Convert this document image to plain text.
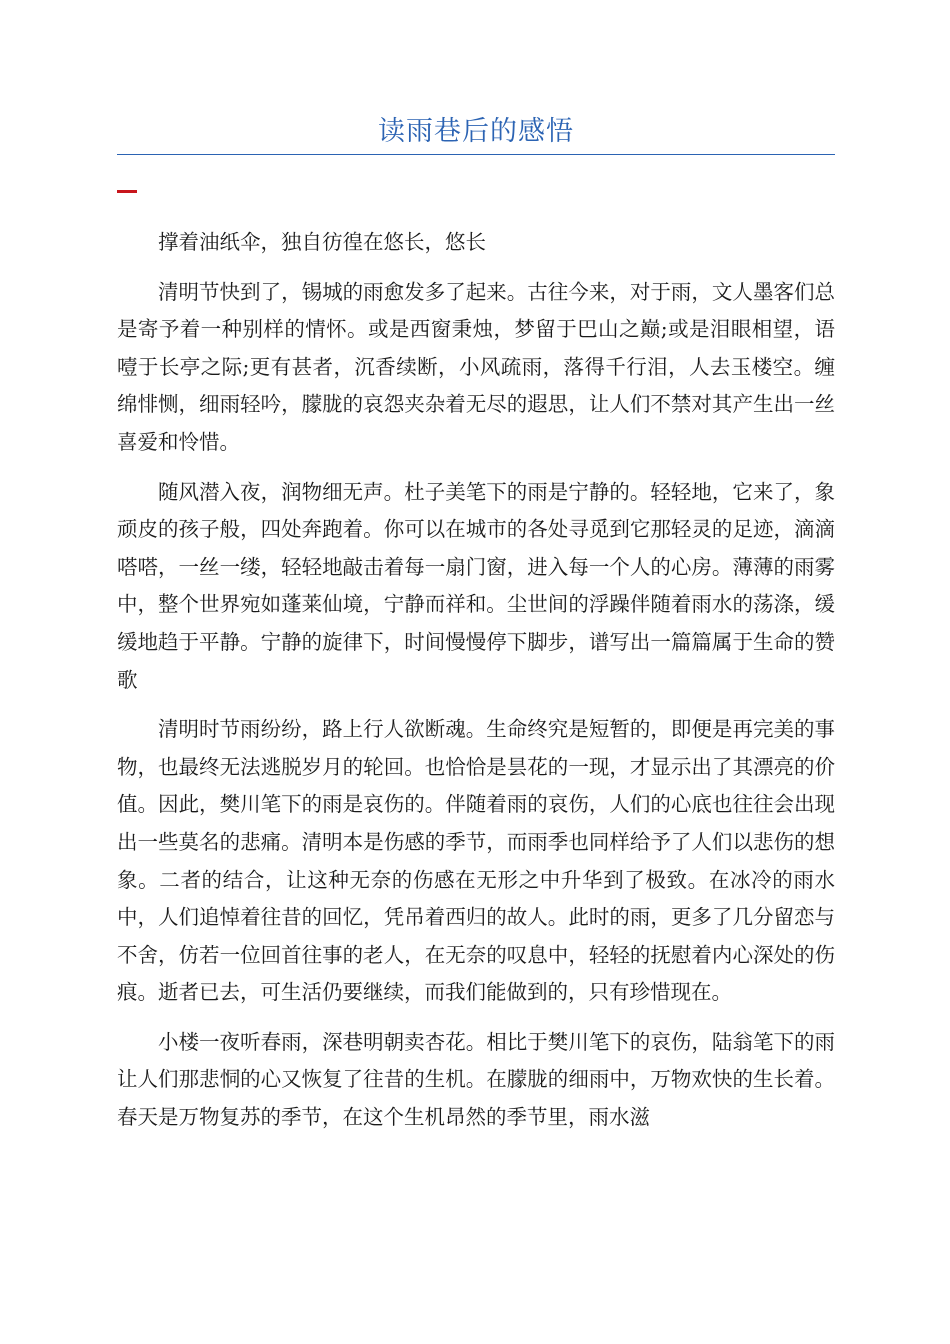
读雨巷后的感悟

撑着油纸伞，独自彷徨在悠长，悠长

清明节快到了，锡城的雨愈发多了起来。古往今来，对于雨，文人墨客们总是寄予着一种别样的情怀。或是西窗秉烛，梦留于巴山之巅;或是泪眼相望，语噎于长亭之际;更有甚者，沉香续断，小风疏雨，落得千行泪，人去玉楼空。缠绵悱恻，细雨轻吟，朦胧的哀怨夹杂着无尽的遐思，让人们不禁对其产生出一丝喜爱和怜惜。

随风潜入夜，润物细无声。杜子美笔下的雨是宁静的。轻轻地，它来了，象顽皮的孩子般，四处奔跑着。你可以在城市的各处寻觅到它那轻灵的足迹，滴滴嗒嗒，一丝一缕，轻轻地敲击着每一扇门窗，进入每一个人的心房。薄薄的雨雾中，整个世界宛如蓬莱仙境，宁静而祥和。尘世间的浮躁伴随着雨水的荡涤，缓缓地趋于平静。宁静的旋律下，时间慢慢停下脚步，谱写出一篇篇属于生命的赞歌

清明时节雨纷纷，路上行人欲断魂。生命终究是短暂的，即便是再完美的事物，也最终无法逃脱岁月的轮回。也恰恰是昙花的一现，才显示出了其漂亮的价值。因此，樊川笔下的雨是哀伤的。伴随着雨的哀伤，人们的心底也往往会出现出一些莫名的悲痛。清明本是伤感的季节，而雨季也同样给予了人们以悲伤的想象。二者的结合，让这种无奈的伤感在无形之中升华到了极致。在冰冷的雨水中，人们追悼着往昔的回忆，凭吊着西归的故人。此时的雨，更多了几分留恋与不舍，仿若一位回首往事的老人，在无奈的叹息中，轻轻的抚慰着内心深处的伤痕。逝者已去，可生活仍要继续，而我们能做到的，只有珍惜现在。

小楼一夜听春雨，深巷明朝卖杏花。相比于樊川笔下的哀伤，陆翁笔下的雨让人们那悲恫的心又恢复了往昔的生机。在朦胧的细雨中，万物欢快的生长着。春天是万物复苏的季节，在这个生机昂然的季节里，雨水滋
